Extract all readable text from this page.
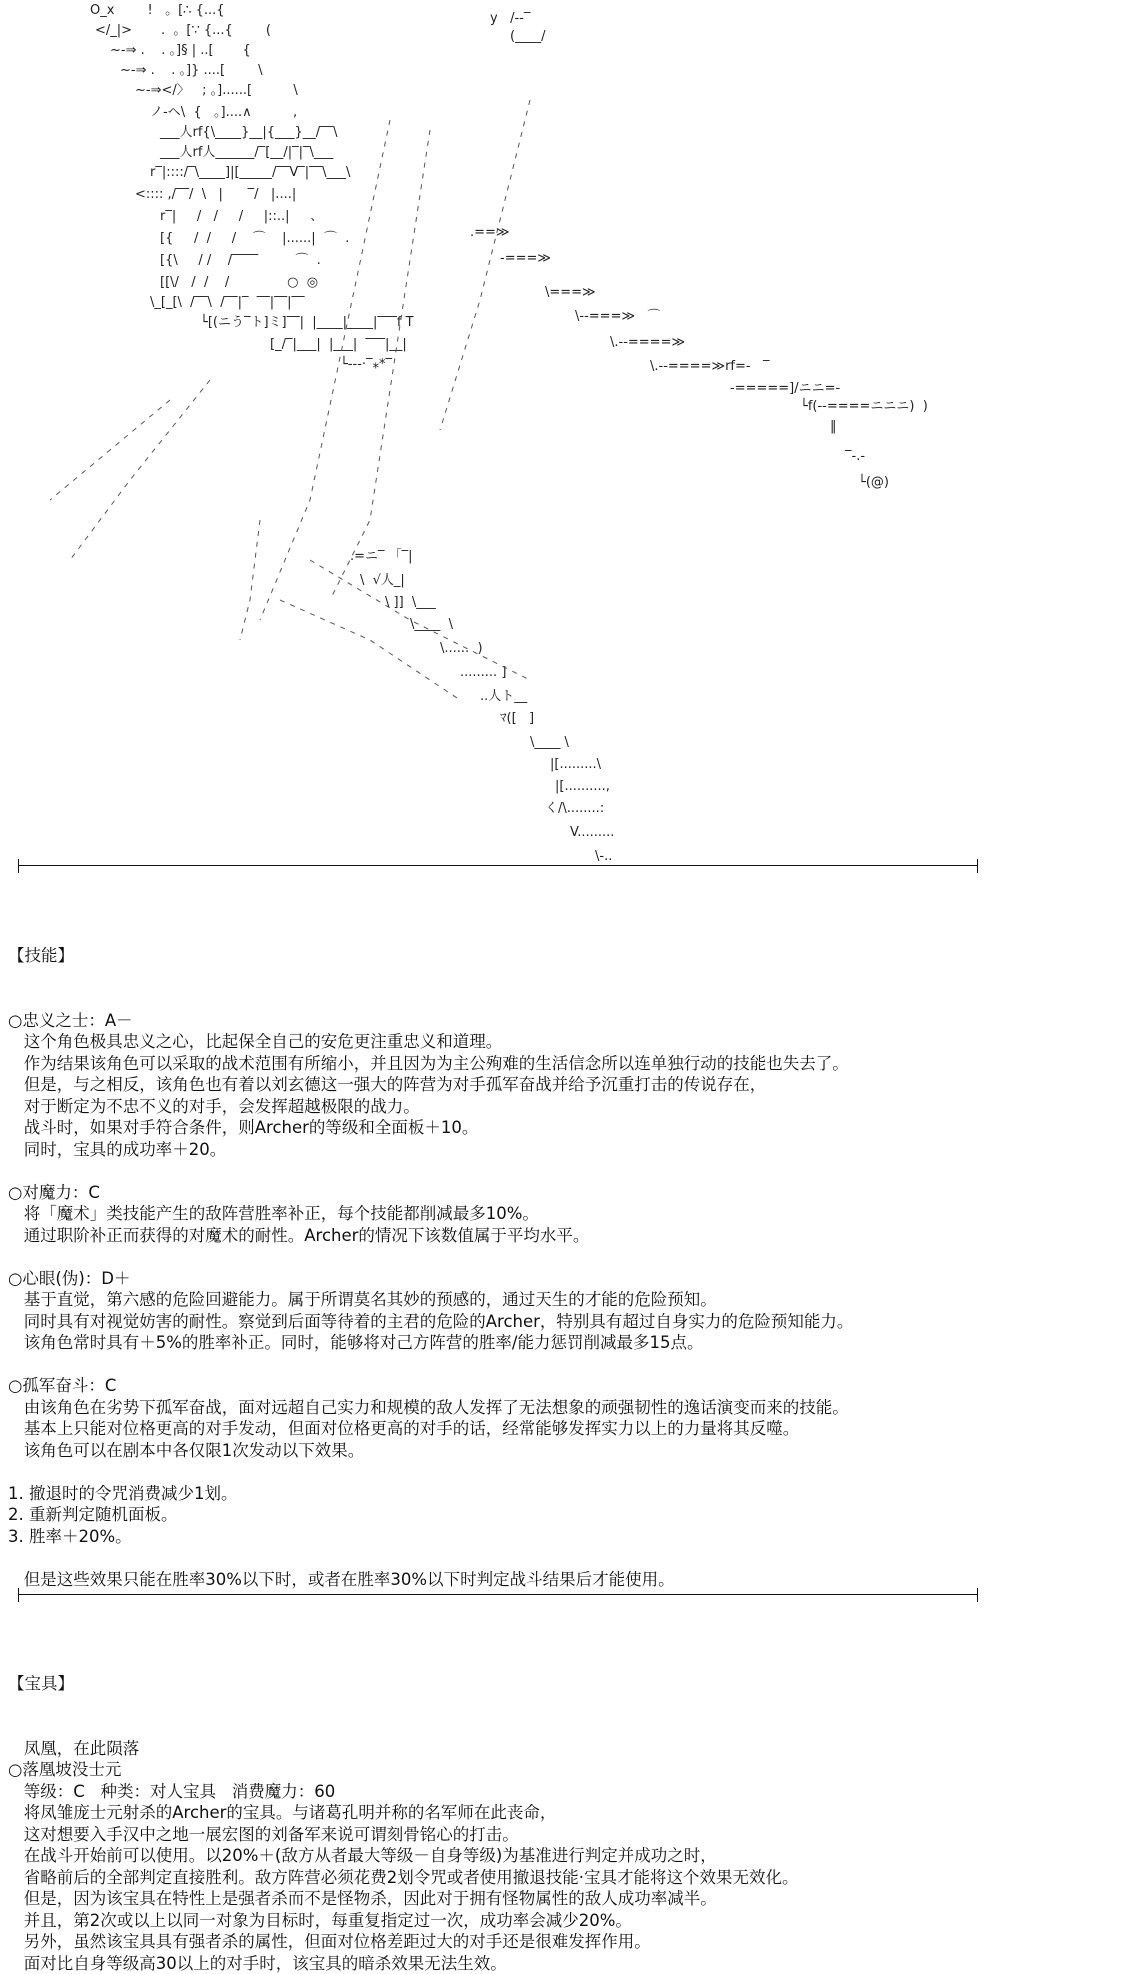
O_x        !   。[∴ {...{
</_|>       .  。[∵ {...{        (
~-⇒ .    . 。]§ | ..[       {
~-⇒ .    . 。]} ....[        \
~-⇒</〉   ; 。]......[          \
ノ-ヘ\  {   。]....∧          ,
___人rf{\____}__|{___}__/‾‾\
___人rf人______/‾[__/|‾|‾\___
r‾|::::/‾\____]|[_____/‾‾V‾|‾‾\___\
<:::: ,/‾‾/  \   |      ‾/   |....|
r‾|     /   /     /     |::..|     、
[{     /  /     /    ⌒    |......|  ⌒  .
[{\     / /    /‾‾‾‾         ⌒  .
[[\/   /  /    /              ○  ◎
\_[_[\  /‾‾\  /‾‾|‾  ‾‾|‾‾|‾‾
└[(ニう‾ト]ミ]‾‾|  |____|____|‾‾‾f T
[_/‾|___|  |___|  ‾‾‾|__|
└---·‾⁎*‾
y   /--‾
(____/
.==≫
-===≫
\===≫
\--===≫   ⌒
\.--====≫
\.--====≫rf=-   ‾
-=====]/ニニ=-
└f(--====ニニニ)  )
‖
‾-.-
└(@)
.=ニ‾ 「‾|
\  √人_|
\ ]]  \___
\____  \
\......  )
......... ]
..人ト__
ﾏ([   ]
\____ \
|[.........\
|[..........,
く/\........:
V.........
\-..

【技能】

○忠义之士：A－
这个角色极具忠义之心，比起保全自己的安危更注重忠义和道理。
作为结果该角色可以采取的战术范围有所缩小，并且因为为主公殉难的生活信念所以连单独行动的技能也失去了。
但是，与之相反，该角色也有着以刘玄德这一强大的阵营为对手孤军奋战并给予沉重打击的传说存在，
对于断定为不忠不义的对手，会发挥超越极限的战力。
战斗时，如果对手符合条件，则Archer的等级和全面板＋10。
同时，宝具的成功率＋20。
○对魔力：C
将「魔术」类技能产生的敌阵营胜率补正，每个技能都削减最多10%。
通过职阶补正而获得的对魔术的耐性。Archer的情况下该数值属于平均水平。
○心眼(伪)：D＋
基于直觉，第六感的危险回避能力。属于所谓莫名其妙的预感的，通过天生的才能的危险预知。
同时具有对视觉妨害的耐性。察觉到后面等待着的主君的危险的Archer，特别具有超过自身实力的危险预知能力。
该角色常时具有＋5%的胜率补正。同时，能够将对己方阵营的胜率/能力惩罚削减最多15点。
○孤军奋斗：C
由该角色在劣势下孤军奋战，面对远超自己实力和规模的敌人发挥了无法想象的顽强韧性的逸话演变而来的技能。
基本上只能对位格更高的对手发动，但面对位格更高的对手的话，经常能够发挥实力以上的力量将其反噬。
该角色可以在剧本中各仅限1次发动以下效果。
1. 撤退时的令咒消费减少1划。
2. 重新判定随机面板。
3. 胜率＋20%。
但是这些效果只能在胜率30%以下时，或者在胜率30%以下时判定战斗结果后才能使用。

【宝具】

凤凰，在此陨落
○落凰坡没士元
等级：C   种类：对人宝具   消费魔力：60
将凤雏庞士元射杀的Archer的宝具。与诸葛孔明并称的名军师在此丧命，
这对想要入手汉中之地一展宏图的刘备军来说可谓刻骨铭心的打击。
在战斗开始前可以使用。以20%＋(敌方从者最大等级－自身等级)为基准进行判定并成功之时，
省略前后的全部判定直接胜利。敌方阵营必须花费2划令咒或者使用撤退技能·宝具才能将这个效果无效化。
但是，因为该宝具在特性上是强者杀而不是怪物杀，因此对于拥有怪物属性的敌人成功率减半。
并且，第2次或以上以同一对象为目标时，每重复指定过一次，成功率会减少20%。
另外，虽然该宝具具有强者杀的属性，但面对位格差距过大的对手还是很难发挥作用。
面对比自身等级高30以上的对手时，该宝具的暗杀效果无法生效。
